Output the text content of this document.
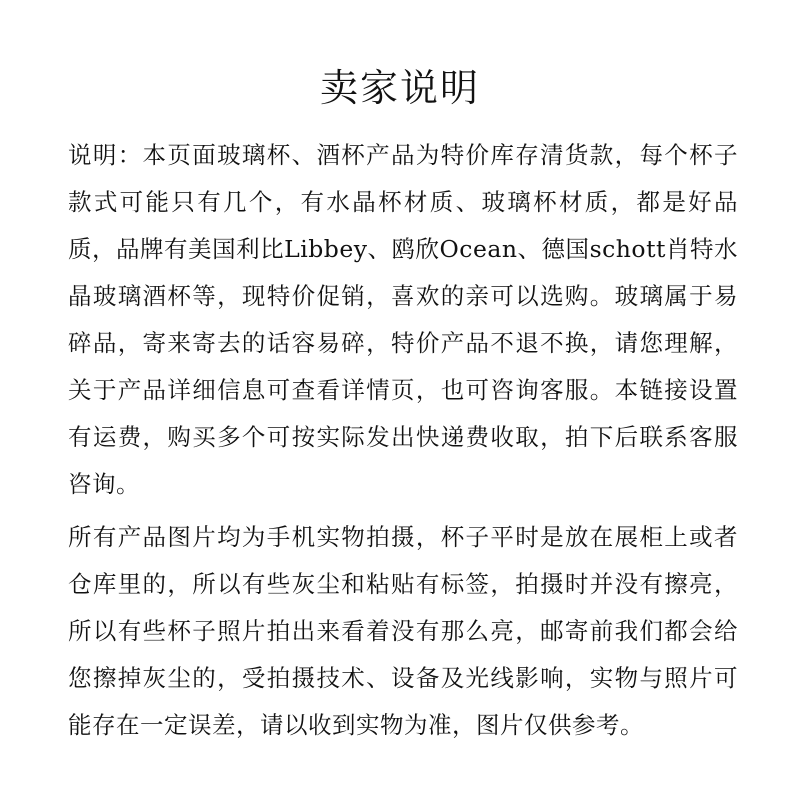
卖家说明

说明：本页面玻璃杯、酒杯产品为特价库存清货款，每个杯子款式可能只有几个，有水晶杯材质、玻璃杯材质，都是好品质，品牌有美国利比Libbey、鸥欣Ocean、德国schott肖特水晶玻璃酒杯等，现特价促销，喜欢的亲可以选购。玻璃属于易碎品，寄来寄去的话容易碎，特价产品不退不换，请您理解，关于产品详细信息可查看详情页，也可咨询客服。本链接设置有运费，购买多个可按实际发出快递费收取，拍下后联系客服咨询。

所有产品图片均为手机实物拍摄，杯子平时是放在展柜上或者仓库里的，所以有些灰尘和粘贴有标签，拍摄时并没有擦亮，所以有些杯子照片拍出来看着没有那么亮，邮寄前我们都会给您擦掉灰尘的，受拍摄技术、设备及光线影响，实物与照片可能存在一定误差，请以收到实物为准，图片仅供参考。
